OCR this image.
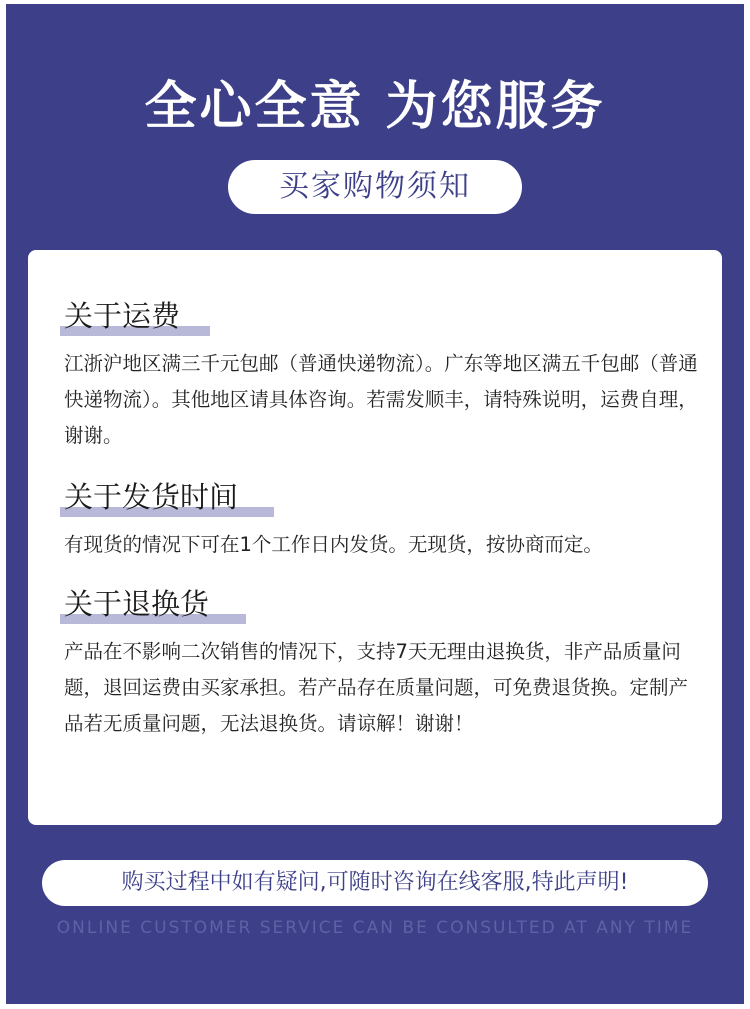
全心全意 为您服务
买家购物须知
关于运费
江浙沪地区满三千元包邮（普通快递物流）。广东等地区满五千包邮（普通快递物流）。其他地区请具体咨询。若需发顺丰，请特殊说明，运费自理，谢谢。
关于发货时间
有现货的情况下可在1个工作日内发货。无现货，按协商而定。
关于退换货
产品在不影响二次销售的情况下，支持7天无理由退换货，非产品质量问题，退回运费由买家承担。若产品存在质量问题，可免费退货换。定制产品若无质量问题，无法退换货。请谅解！谢谢！
购买过程中如有疑问,可随时咨询在线客服,特此声明!
ONLINE CUSTOMER SERVICE CAN BE CONSULTED AT ANY TIME
